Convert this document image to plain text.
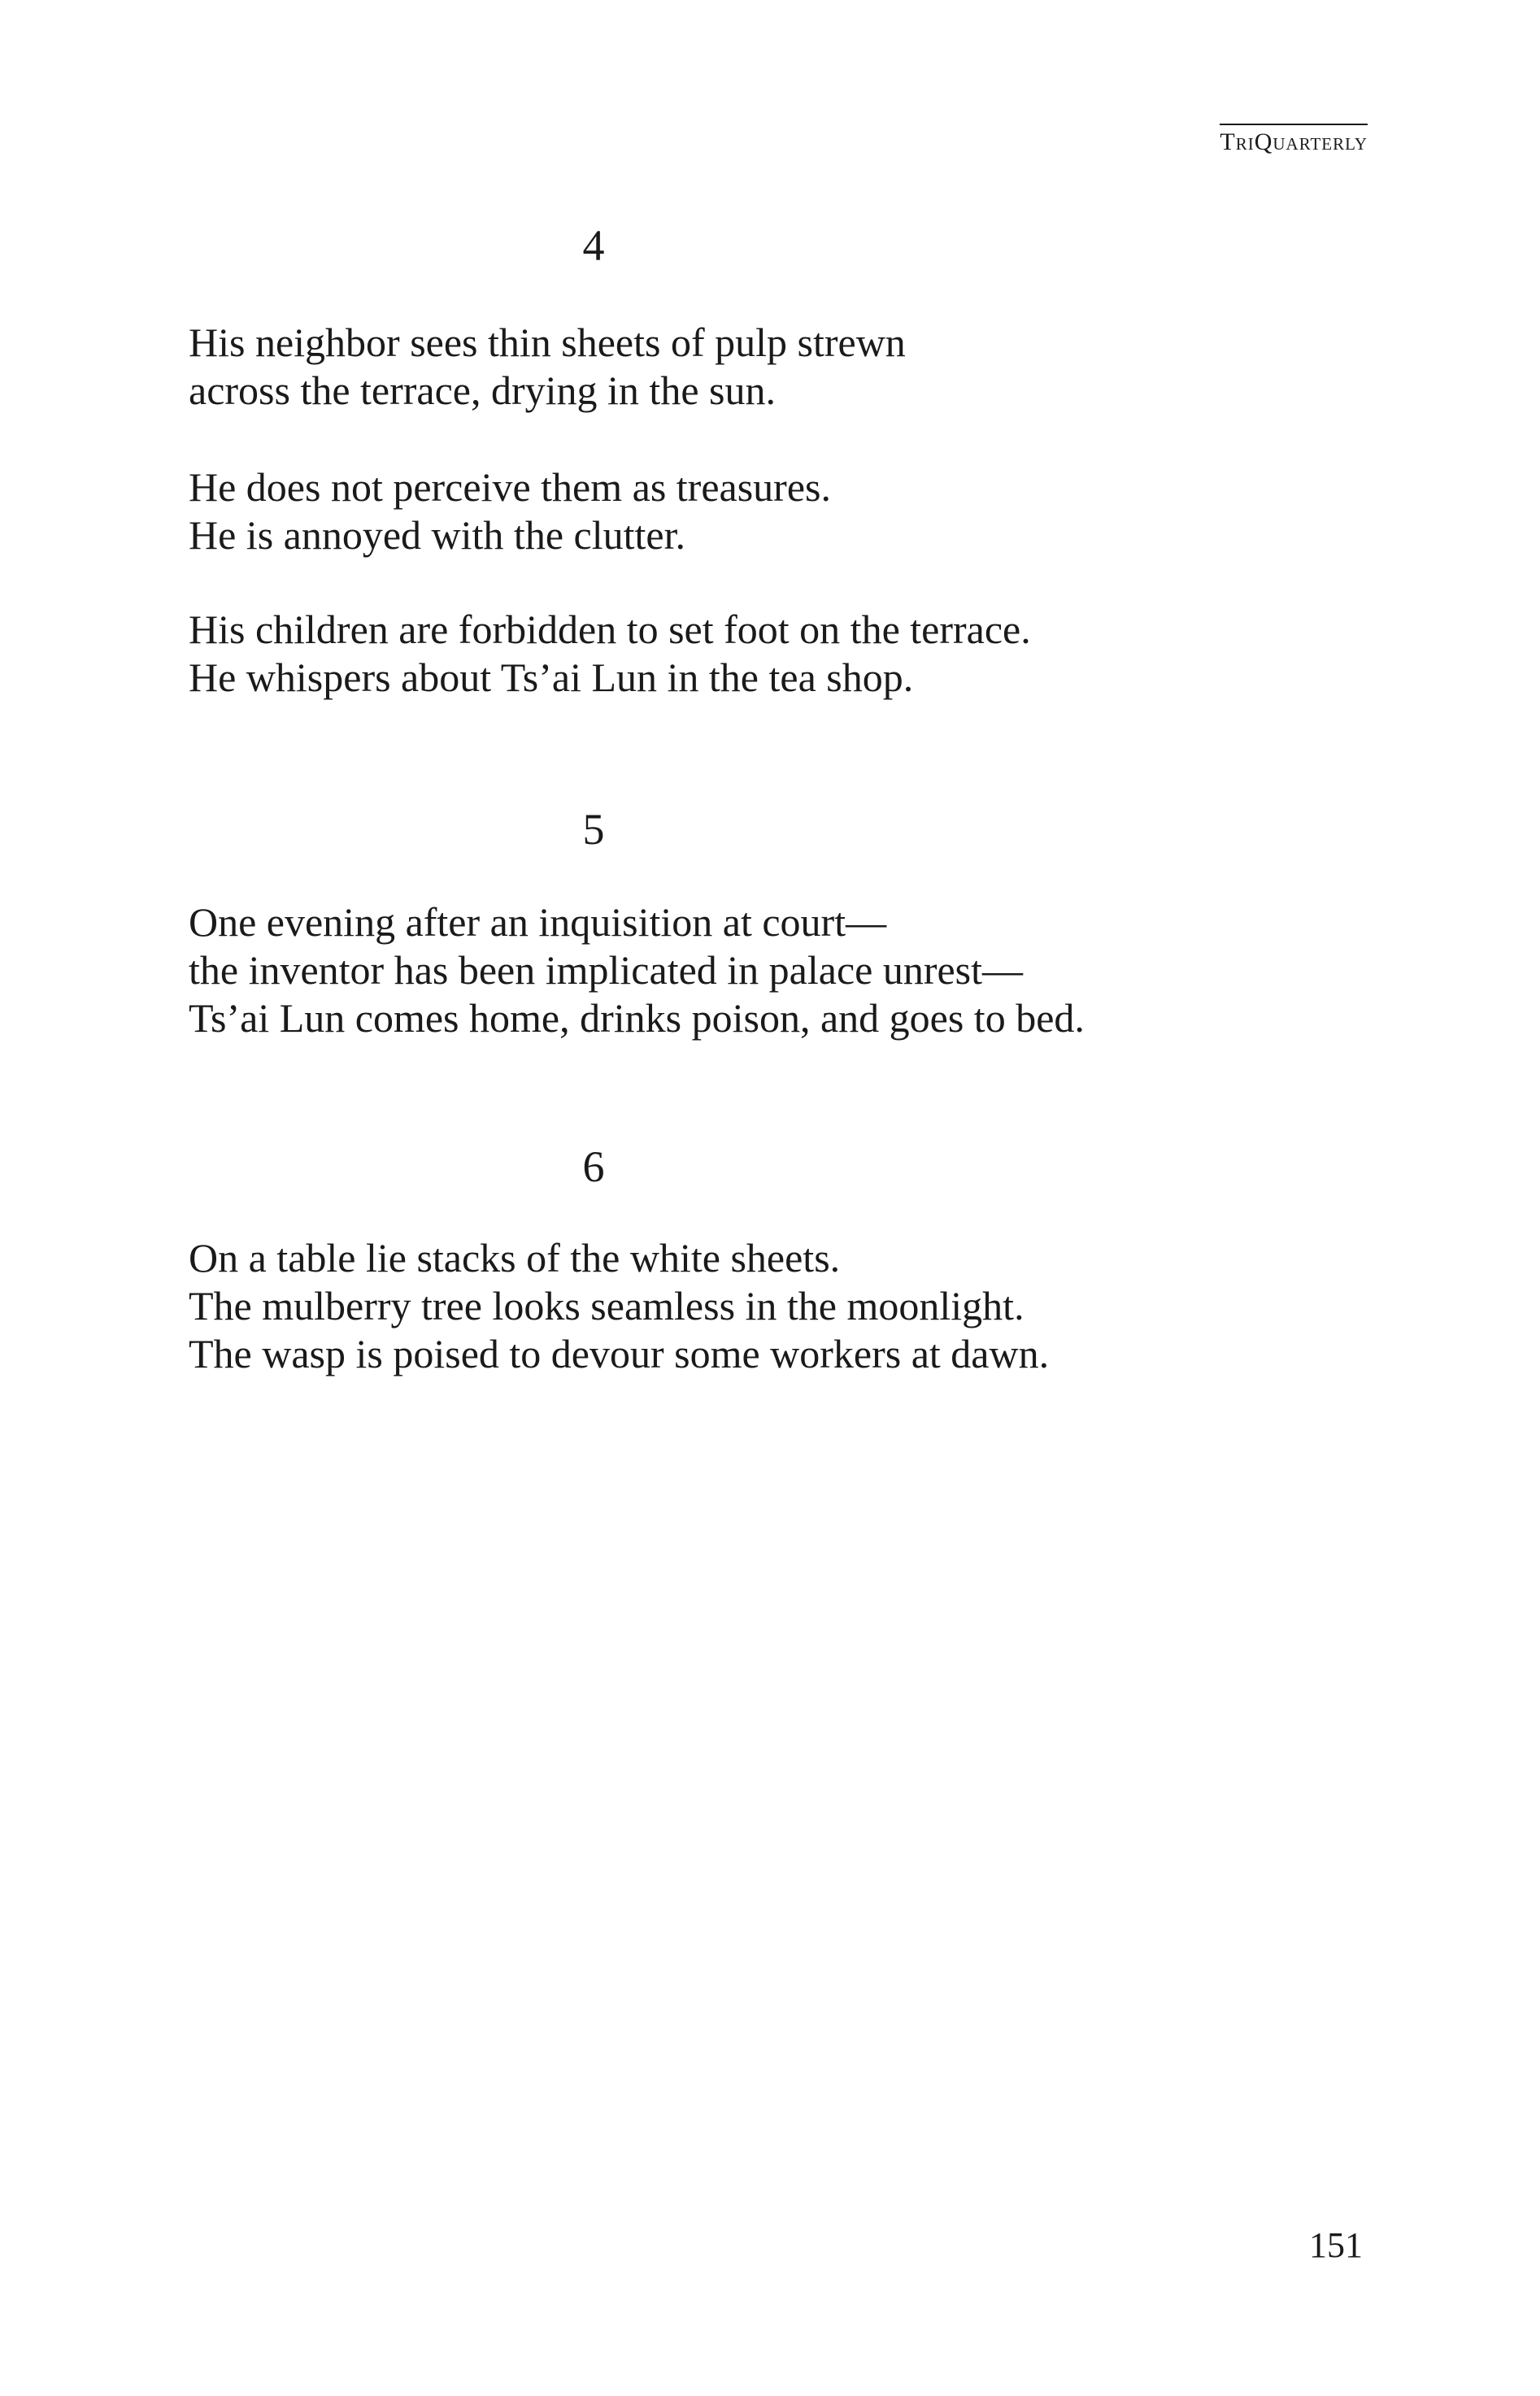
TriQuarterly
4

His neighbor sees thin sheets of pulp strewn
across the terrace, drying in the sun.

He does not perceive them as treasures.
He is annoyed with the clutter.

His children are forbidden to set foot on the terrace.
He whispers about Ts’ai Lun in the tea shop.

5

One evening after an inquisition at court—
the inventor has been implicated in palace unrest—
Ts’ai Lun comes home, drinks poison, and goes to bed.

6

On a table lie stacks of the white sheets.
The mulberry tree looks seamless in the moonlight.
The wasp is poised to devour some workers at dawn.

151
